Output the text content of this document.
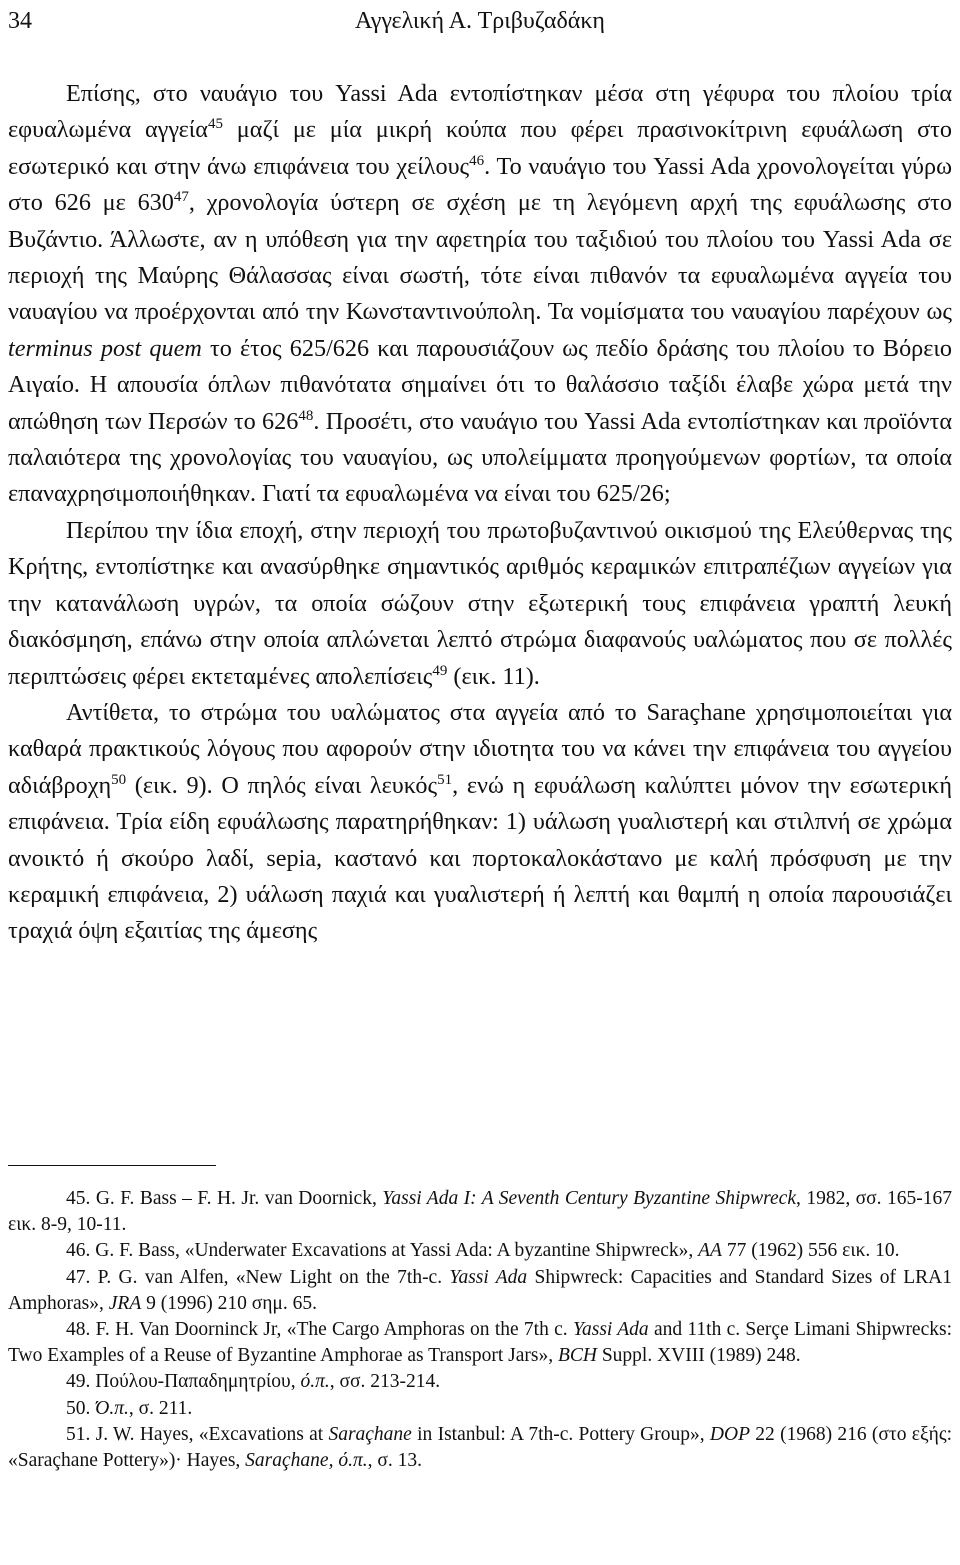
34	Αγγελική Α. Τριβυζαδάκη

Επίσης, στο ναυάγιο του Yassi Ada εντοπίστηκαν μέσα στη γέφυρα του πλοίου τρία εφυαλωμένα αγγεία$^{45}$ μαζί με μία μικρή κούπα που φέρει πρασινοκίτρινη εφυάλωση στο εσωτερικό και στην άνω επιφάνεια του χείλους$^{46}$. Το ναυάγιο του Yassi Ada χρονολογείται γύρω στο 626 με $630^{47}$, χρονολογία ύστερη σε σχέση με τη λεγόμενη αρχή της εφυάλωσης στο Βυζάντιο. Άλλωστε, αν η υπόθεση για την αφετηρία του ταξιδιού του πλοίου του Yassi Ada σε περιοχή της Μαύρης Θάλασσας είναι σωστή, τότε είναι πιθανόν τα εφυαλωμένα αγγεία του ναυαγίου να προέρχονται από την Κωνσταντινούπολη. Τα νομίσματα του ναυαγίου παρέχουν ως terminus post quem το έτος 625/626 και παρουσιάζουν ως πεδίο δράσης του πλοίου το Βόρειο Αιγαίο. Η απουσία όπλων πιθανότατα σημαίνει ότι το θαλάσσιο ταξίδι έλαβε χώρα μετά την απώθηση των Περσών το $626^{48}$. Προσέτι, στο ναυάγιο του Yassi Ada εντοπίστηκαν και προϊόντα παλαιότερα της χρονολογίας του ναυαγίου, ως υπολείμματα προηγούμενων φορτίων, τα οποία επαναχρησιμοποιήθηκαν. Γιατί τα εφυαλωμένα να είναι του 625/26;

Περίπου την ίδια εποχή, στην περιοχή του πρωτοβυζαντινού οικισμού της Ελεύθερνας της Κρήτης, εντοπίστηκε και ανασύρθηκε σημαντικός αριθμός κεραμικών επιτραπέζιων αγγείων για την κατανάλωση υγρών, τα οποία σώζουν στην εξωτερική τους επιφάνεια γραπτή λευκή διακόσμηση, επάνω στην οποία απλώνεται λεπτό στρώμα διαφανούς υαλώματος που σε πολλές περιπτώσεις φέρει εκτεταμένες απολεπίσεις$^{49}$ (εικ. 11).

Αντίθετα, το στρώμα του υαλώματος στα αγγεία από το Saraçhane χρησιμοποιείται για καθαρά πρακτικούς λόγους που αφορούν στην ιδιοτητα του να κάνει την επιφάνεια του αγγείου αδιάβροχη$^{50}$ (εικ. 9). Ο πηλός είναι λευκός$^{51}$, ενώ η εφυάλωση καλύπτει μόνον την εσωτερική επιφάνεια. Τρία είδη εφυάλωσης παρατηρήθηκαν: 1) υάλωση γυαλιστερή και στιλπνή σε χρώμα ανοικτό ή σκούρο λαδί, sepia, καστανό και πορτοκαλοκάστανο με καλή πρόσφυση με την κεραμική επιφάνεια, 2) υάλωση παχιά και γυαλιστερή ή λεπτή και θαμπή η οποία παρουσιάζει τραχιά όψη εξαιτίας της άμεσης

45. G. F. Bass – F. H. Jr. van Doornick, Yassi Ada I: A Seventh Century Byzantine Shipwreck, 1982, σσ. 165-167 εικ. 8-9, 10-11.

46. G. F. Bass, «Underwater Excavations at Yassi Ada: A byzantine Shipwreck», AA 77 (1962) 556 εικ. 10.

47. P. G. van Alfen, «New Light on the 7th-c. Yassi Ada Shipwreck: Capacities and Standard Sizes of LRA1 Amphoras», JRA 9 (1996) 210 σημ. 65.

48. F. H. Van Doorninck Jr, «The Cargo Amphoras on the 7th c. Yassi Ada and 11th c. Serçe Limani Shipwrecks: Two Examples of a Reuse of Byzantine Amphorae as Transport Jars», BCH Suppl. XVIII (1989) 248.

49. Πούλου-Παπαδημητρίου, ό.π., σσ. 213-214.

50. Ό.π., σ. 211.

51. J. W. Hayes, «Excavations at Saraçhane in Istanbul: A 7th-c. Pottery Group», DOP 22 (1968) 216 (στο εξής: «Saraçhane Pottery»)· Hayes, Saraçhane, ό.π., σ. 13.
